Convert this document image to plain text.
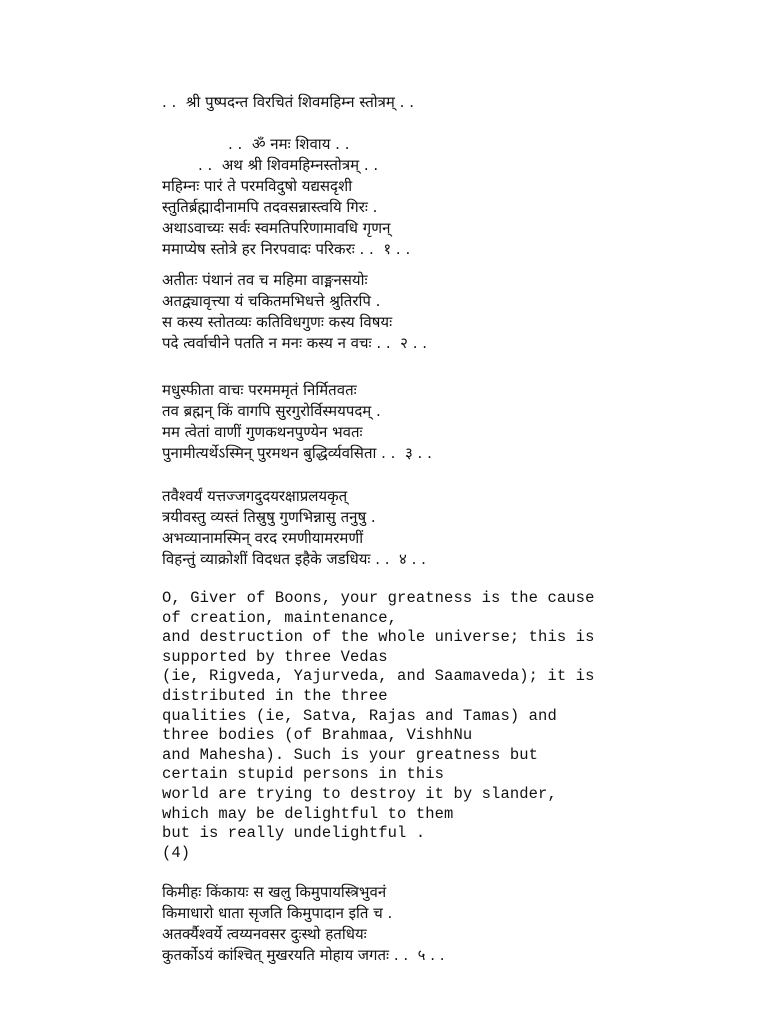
. .  श्री पुष्पदन्त विरचितं शिवमहिम्न स्तोत्रम् . .

. .  ॐ नमः शिवाय . .

. .  अथ श्री शिवमहिम्नस्तोत्रम् . .

महिम्नः पारं ते परमविदुषो यद्यसदृशी

स्तुतिर्ब्रह्मादीनामपि तदवसन्नास्त्वयि गिरः .

अथाऽवाच्यः सर्वः स्वमतिपरिणामावधि गृणन्

ममाप्येष स्तोत्रे हर निरपवादः परिकरः . .  १ . .

अतीतः पंथानं तव च महिमा वाङ्मनसयोः

अतद्व्यावृत्त्या यं चकितमभिधत्ते श्रुतिरपि .

स कस्य स्तोतव्यः कतिविधगुणः कस्य विषयः

पदे त्वर्वाचीने पतति न मनः कस्य न वचः . .  २ . .

मधुस्फीता वाचः परमममृतं निर्मितवतः

तव ब्रह्मन् किं वागपि सुरगुरोर्विस्मयपदम् .

मम त्वेतां वाणीं गुणकथनपुण्येन भवतः

पुनामीत्यर्थेऽस्मिन् पुरमथन बुद्धिर्व्यवसिता . .  ३ . .

तवैश्वर्यं यत्तज्जगदुदयरक्षाप्रलयकृत्

त्रयीवस्तु व्यस्तं तिस्रुषु गुणभिन्नासु तनुषु .

अभव्यानामस्मिन् वरद रमणीयामरमणीं

विहन्तुं व्याक्रोशीं विदधत इहैके जडधियः . .  ४ . .

O, Giver of Boons, your greatness is the cause

of creation, maintenance,

and destruction of the whole universe; this is

supported by three Vedas

(ie, Rigveda, Yajurveda, and Saamaveda); it is

distributed in the three

qualities (ie, Satva, Rajas and Tamas) and

three bodies (of Brahmaa, VishhNu

and Mahesha). Such is your greatness but

certain stupid persons in this

world are trying to destroy it by slander,

which may be delightful to them

but is really undelightful .

(4)

किमीहः किंकायः स खलु किमुपायस्त्रिभुवनं

किमाधारो धाता सृजति किमुपादान इति च .

अतर्क्यैश्वर्ये त्वय्यनवसर दुःस्थो हतधियः

कुतर्कोऽयं कांश्चित् मुखरयति मोहाय जगतः . .  ५ . .
